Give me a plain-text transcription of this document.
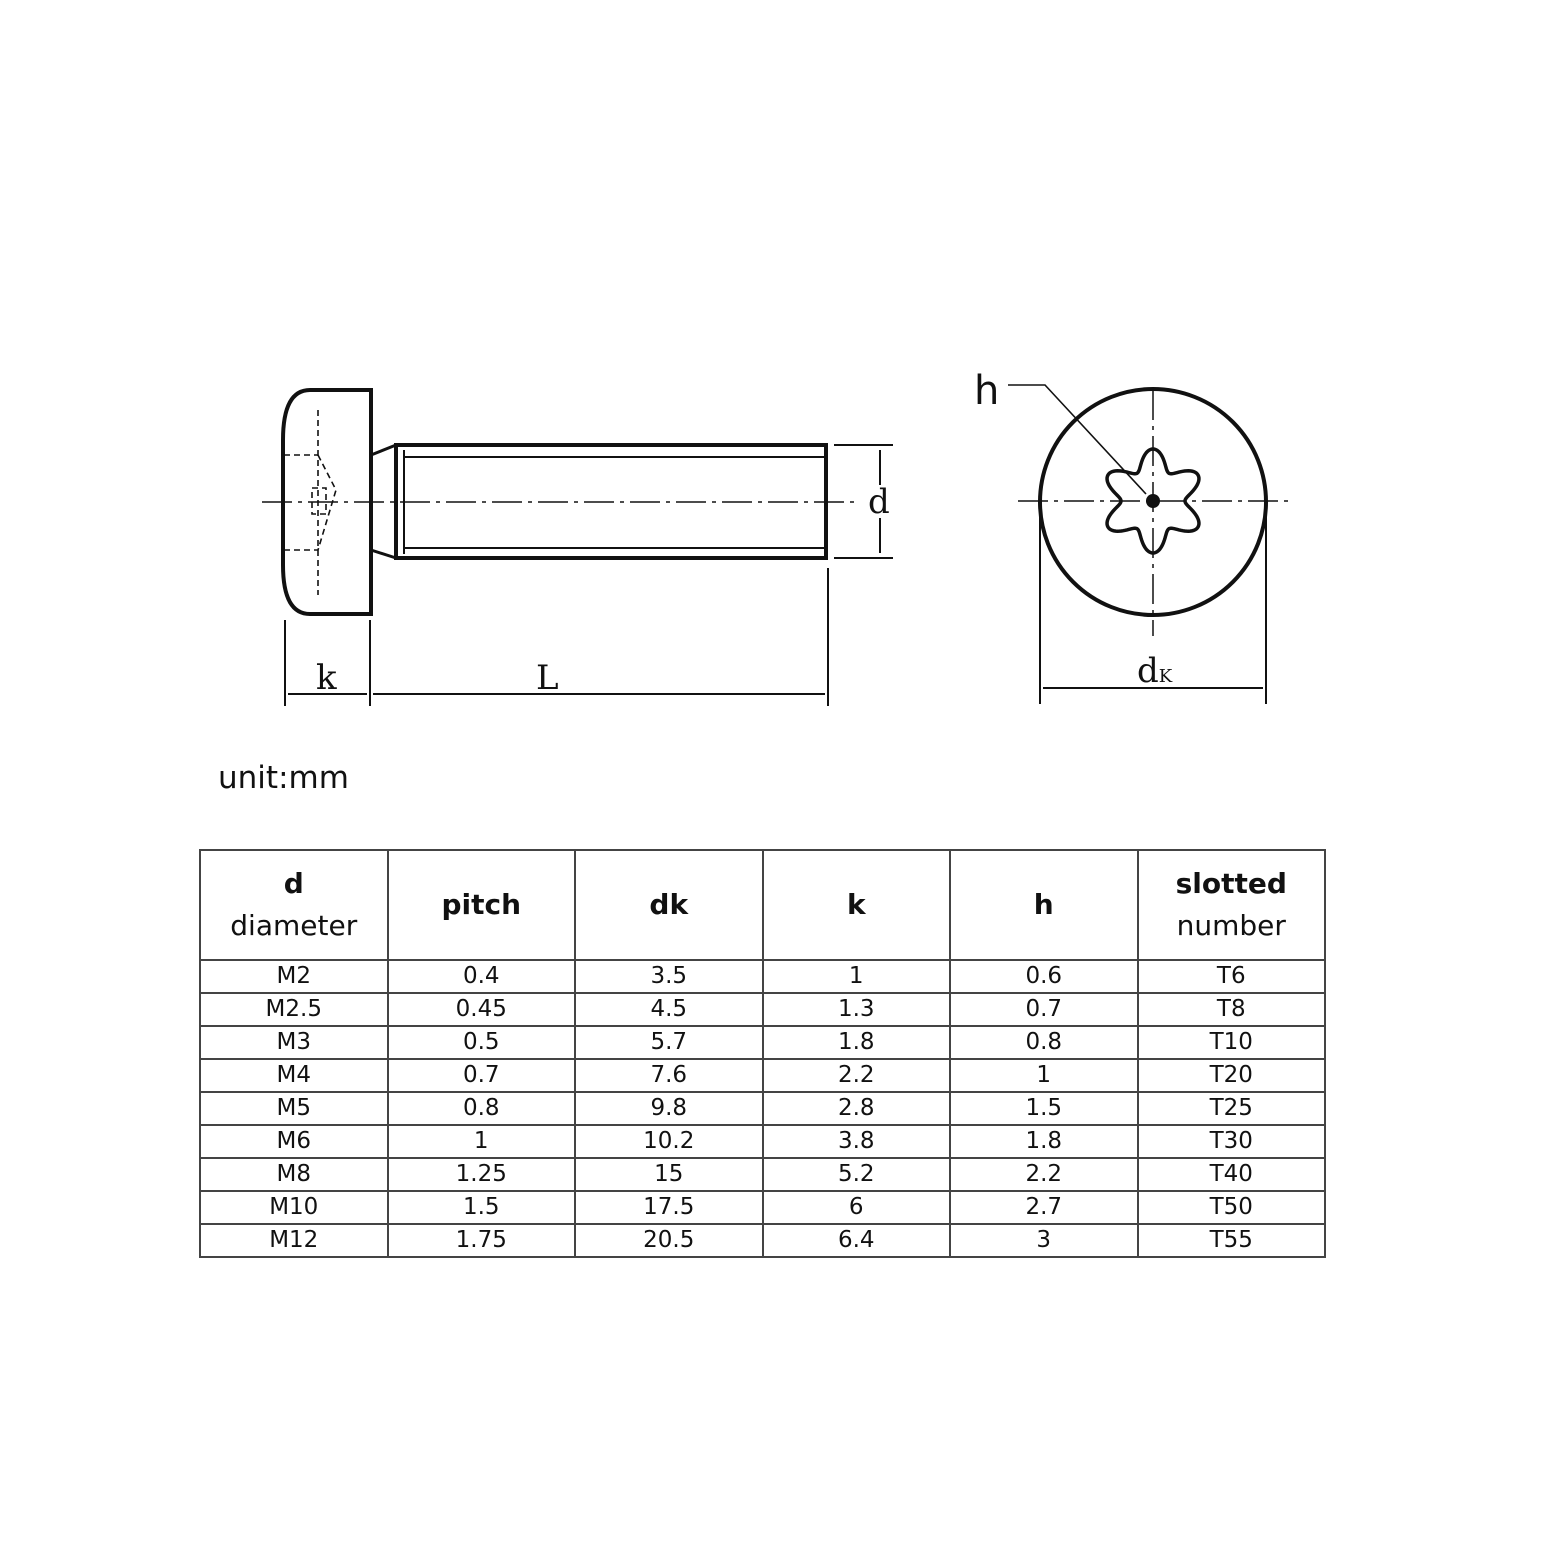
k	L
d
h
dK
unit:mm
d
diameter	pitch	dk	k	h	slotted
number

M2	0.4	3.5	1	0.6	T6
M2.5	0.45	4.5	1.3	0.7	T8
M3	0.5	5.7	1.8	0.8	T10
M4	0.7	7.6	2.2	1	T20
M5	0.8	9.8	2.8	1.5	T25
M6	1	10.2	3.8	1.8	T30
M8	1.25	15	5.2	2.2	T40
M10	1.5	17.5	6	2.7	T50
M12	1.75	20.5	6.4	3	T55
